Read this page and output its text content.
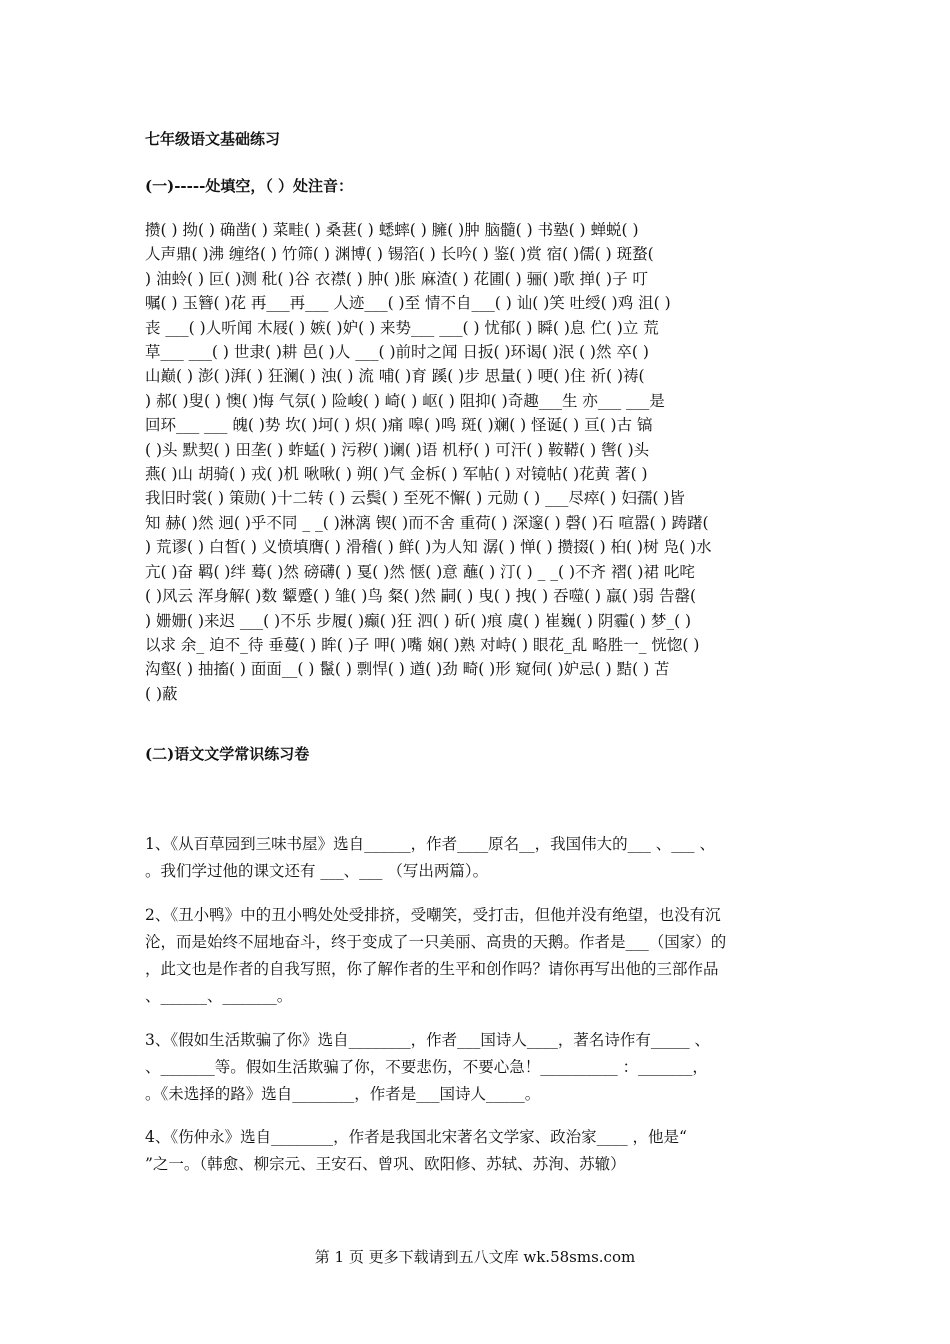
七年级语文基础练习
(一)-----处填空，（ ）处注音：
攒( ) 拗( ) 确凿( ) 菜畦( ) 桑葚( ) 蟋蟀( ) 臃( )肿 脑髓( ) 书塾( ) 蝉蜕( )
人声鼎( )沸 缠络( ) 竹筛( ) 渊博( ) 锡箔( ) 长吟( ) 鉴( )赏 宿( )儒( ) 斑蝥(
) 油蛉( ) 叵( )测 秕( )谷 衣襟( ) 肿( )胀 麻渣( ) 花圃( ) 骊( )歌 掸( )子 叮
嘱( ) 玉簪( )花 再___再___ 人迹___( )至 情不自___( ) 讪( )笑 吐绶( )鸡 沮( )
丧 ___( )人听闻 木屐( ) 嫉( )妒( ) 来势___ ___( ) 忧郁( ) 瞬( )息 伫( )立 荒
草___ ___( ) 世隶( )耕 邑( )人 ___( )前时之闻 日扳( )环谒( )泯 ( )然 卒( )
山巅( ) 澎( )湃( ) 狂澜( ) 浊( ) 流 哺( )育 蹊( )步 思量( ) 哽( )住 祈( )祷(
) 郝( )叟( ) 懊( )悔 气氛( ) 险峻( ) 崎( ) 岖( ) 阻抑( )奇趣___生 亦___ ___是
回环___ ___ 魄( )势 坎( )坷( ) 炽( )痛 嗥( )鸣 斑( )斓( ) 怪诞( ) 亘( )古 镐
( )头 默契( ) 田垄( ) 蚱蜢( ) 污秽( )谰( )语 机杼( ) 可汗( ) 鞍鞯( ) 辔( )头
燕( )山 胡骑( ) 戎( )机 啾啾( ) 朔( )气 金柝( ) 军帖( ) 对镜帖( )花黄 著( )
我旧时裳( ) 策勋( )十二转 ( ) 云鬓( ) 至死不懈( ) 元勋 ( ) ___尽瘁( ) 妇孺( )皆
知 赫( )然 迥( )乎不同 _ _( )淋漓 锲( )而不舍 重荷( ) 深邃( ) 磬( )石 喧嚣( ) 踌躇(
) 荒谬( ) 白皙( ) 义愤填膺( ) 滑稽( ) 鲜( )为人知 潺( ) 惮( ) 攒掇( ) 桕( )树 凫( )水
亢( )奋 羁( )绊 蓦( )然 磅礴( ) 戛( )然 惬( )意 蘸( ) 汀( ) _ _( )不齐 褶( )裙 叱咤
( )风云 浑身解( )数 颦蹙( ) 雏( )鸟 粲( )然 嗣( ) 曳( ) 拽( ) 吞噬( ) 羸( )弱 告罄(
) 姗姗( )来迟 ___( )不乐 步履( )癫( )狂 泗( ) 斫( )痕 虞( ) 崔巍( ) 阴霾( ) 梦_( )
以求 余_ 迫不_待 垂蔓( ) 眸( )子 呷( )嘴 娴( )熟 对峙( ) 眼花_乱 略胜一_ 恍惚( )
沟壑( ) 抽搐( ) 面面__( ) 鬣( ) 剽悍( ) 遒( )劲 畸( )形 窥伺( )妒忌( ) 黠( ) 苫
( )蔽
(二)语文文学常识练习卷
1、《从百草园到三味书屋》选自______，作者____原名__，我国伟大的___ 、___ 、
。我们学过他的课文还有 ___、___ （写出两篇）。
2、《丑小鸭》中的丑小鸭处处受排挤，受嘲笑，受打击，但他并没有绝望，也没有沉
沦，而是始终不屈地奋斗，终于变成了一只美丽、高贵的天鹅。作者是___（国家）的
，此文也是作者的自我写照，你了解作者的生平和创作吗？请你再写出他的三部作品
、______、_______。
3、《假如生活欺骗了你》选自________，作者___国诗人____，著名诗作有_____ 、
、_______等。假如生活欺骗了你，不要悲伤，不要心急！__________ ：_______，
。《未选择的路》选自________，作者是___国诗人_____。
4、《伤仲永》选自________，作者是我国北宋著名文学家、政治家____ ，他是“
”之一。（韩愈、柳宗元、王安石、曾巩、欧阳修、苏轼、苏洵、苏辙）
第 1 页 更多下载请到五八文库 wk.58sms.com
